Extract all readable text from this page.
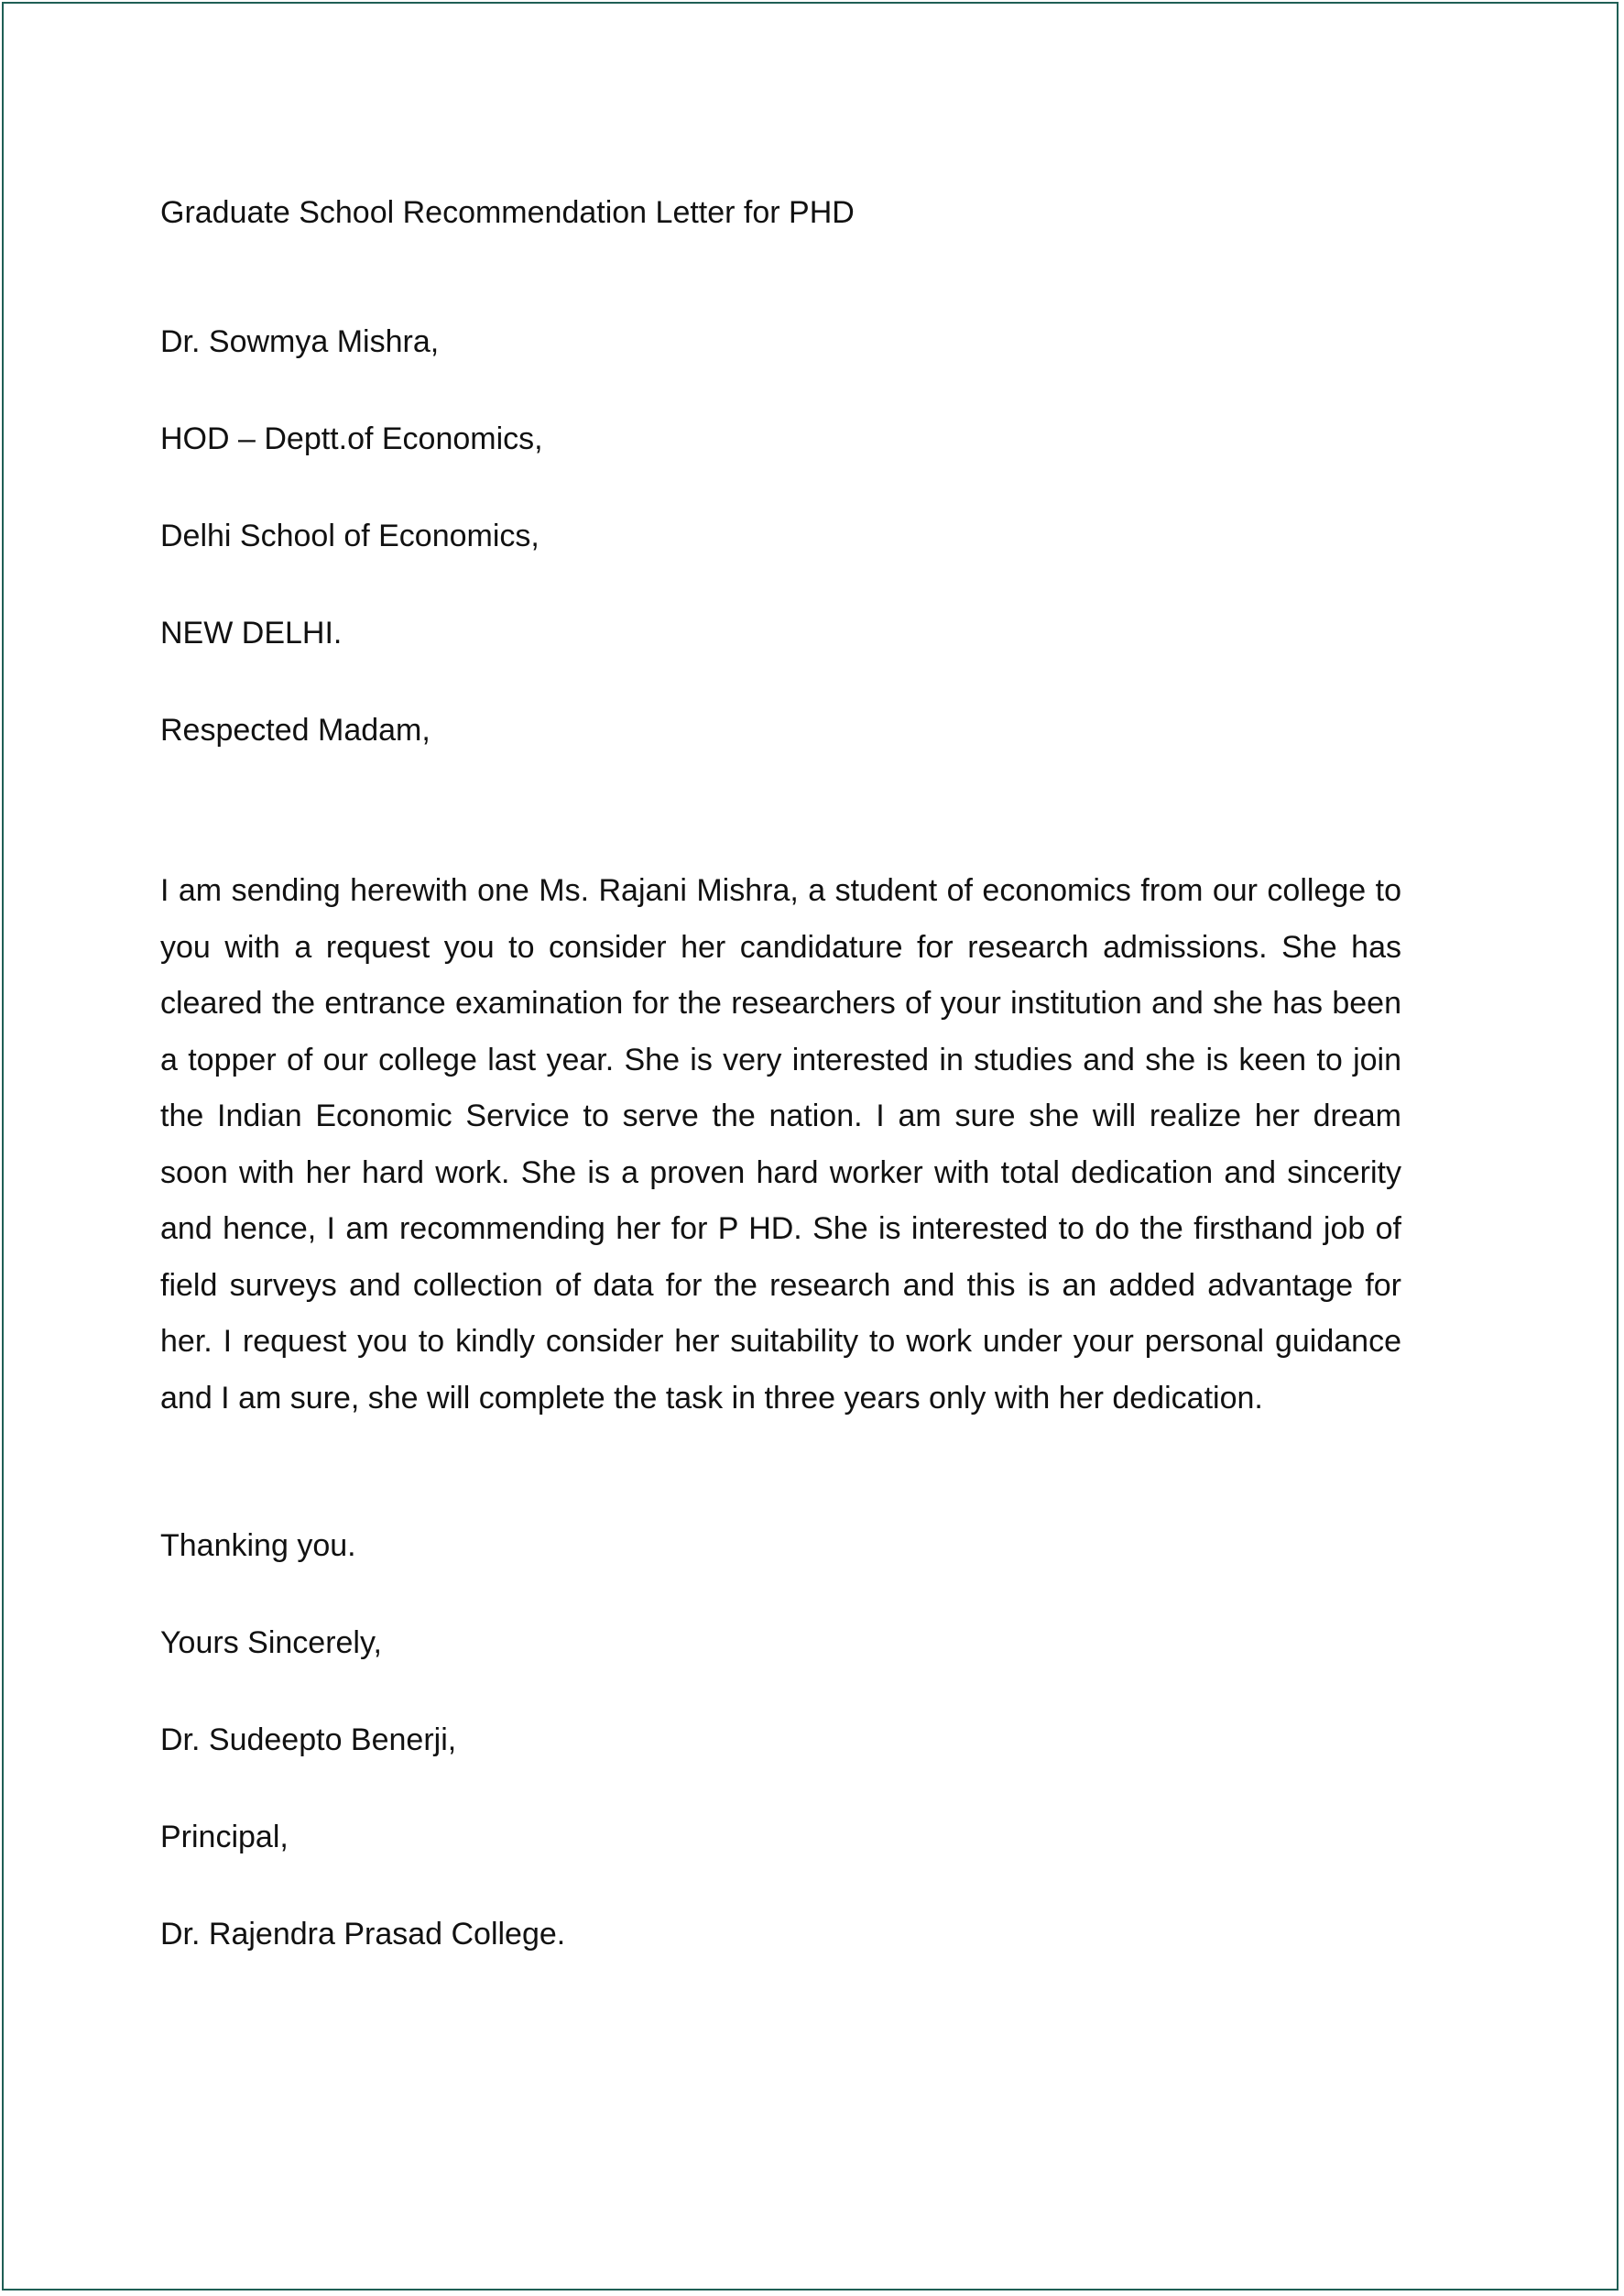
Graduate School Recommendation Letter for PHD
Dr. Sowmya Mishra,
HOD – Deptt.of Economics,
Delhi School of Economics,
NEW DELHI.
Respected Madam,
I am sending herewith one Ms. Rajani Mishra, a student of economics from our college to you with a request you to consider her candidature for research admissions. She has cleared the entrance examination for the researchers of your institution and she has been a topper of our college last year. She is very interested in studies and she is keen to join the Indian Economic Service to serve the nation. I am sure she will realize her dream soon with her hard work. She is a proven hard worker with total dedication and sincerity and hence, I am recommending her for P HD. She is interested to do the firsthand job of field surveys and collection of data for the research and this is an added advantage for her. I request you to kindly consider her suitability to work under your personal guidance and I am sure, she will complete the task in three years only with her dedication.
Thanking you.
Yours Sincerely,
Dr. Sudeepto Benerji,
Principal,
Dr. Rajendra Prasad College.
